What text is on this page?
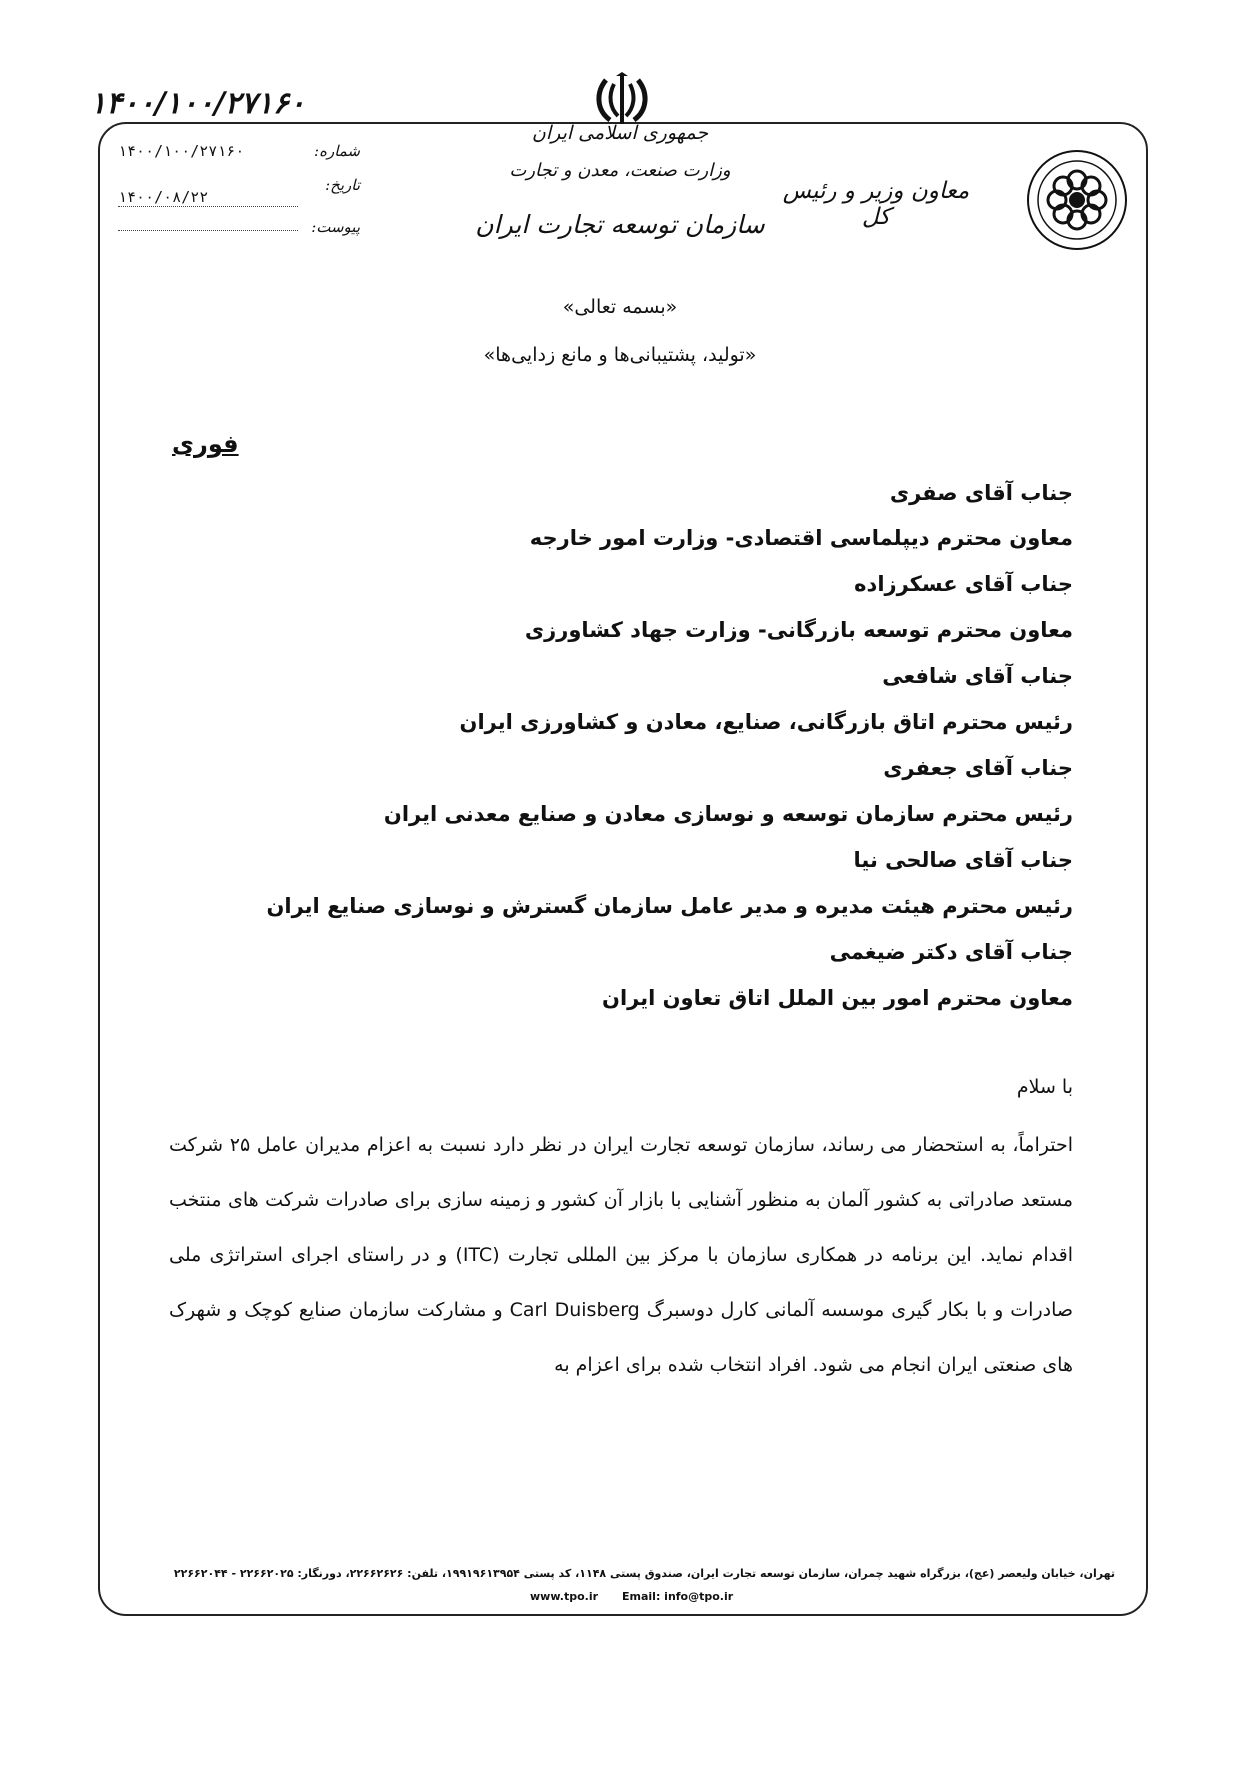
۱۴۰۰/۱۰۰/۲۷۱۶۰
جمهوری اسلامی ایران
وزارت صنعت، معدن و تجارت
سازمان توسعه تجارت ایران
معاون وزیر و رئیس کل
شماره:
۱۴۰۰/۱۰۰/۲۷۱۶۰
تاریخ:
۱۴۰۰/۰۸/۲۲
پیوست:
«بسمه تعالی»
«تولید، پشتیبانی‌ها و مانع زدایی‌ها»
فوری
جناب آقای صفری
معاون محترم دیپلماسی اقتصادی- وزارت امور خارجه
جناب آقای عسکرزاده
معاون محترم توسعه بازرگانی- وزارت جهاد کشاورزی
جناب آقای شافعی
رئیس محترم اتاق بازرگانی، صنایع، معادن و کشاورزی ایران
جناب آقای جعفری
رئیس محترم سازمان توسعه و نوسازی معادن و صنایع معدنی ایران
جناب آقای صالحی نیا
رئیس محترم هیئت مدیره و مدیر عامل سازمان گسترش و نوسازی صنایع ایران
جناب آقای دکتر ضیغمی
معاون محترم امور بین الملل اتاق تعاون ایران
با سلام
احتراماً، به استحضار می رساند، سازمان توسعه تجارت ایران در نظر دارد نسبت به اعزام مدیران عامل ۲۵ شرکت مستعد صادراتی به کشور آلمان به منظور آشنایی با بازار آن کشور و زمینه سازی برای صادرات شرکت های منتخب اقدام نماید. این برنامه در همکاری سازمان با مرکز بین المللی تجارت (ITC) و در راستای اجرای استراتژی ملی صادرات و با بکار گیری موسسه آلمانی کارل دوسبرگ Carl Duisberg و مشارکت سازمان صنایع کوچک و شهرک های صنعتی ایران انجام می شود. افراد انتخاب شده برای اعزام به
تهران، خیابان ولیعصر (عج)، بزرگراه شهید چمران، سازمان توسعه تجارت ایران، صندوق پستی ۱۱۴۸، کد پستی ۱۹۹۱۹۶۱۳۹۵۴، تلفن: ۲۲۶۶۲۶۲۶، دورنگار: ۲۲۶۶۲۰۲۵ - ۲۲۶۶۲۰۴۴
www.tpo.ir Email: info@tpo.ir
